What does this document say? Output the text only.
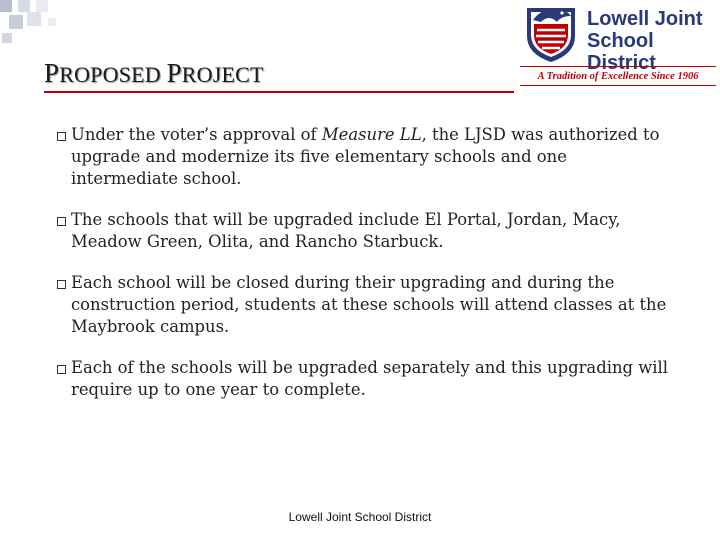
PROPOSED PROJECT
Lowell Joint
School District
A Tradition of Excellence Since 1906
Under the voter’s approval of Measure LL, the LJSD was authorized to upgrade and modernize its five elementary schools and one intermediate school.
The schools that will be upgraded include El Portal, Jordan, Macy, Meadow Green, Olita, and Rancho Starbuck.
Each school will be closed during their upgrading and during the construction period, students at these schools will attend classes at the Maybrook campus.
Each of the schools will be upgraded separately and this upgrading will require up to one year to complete.
Lowell Joint School District
